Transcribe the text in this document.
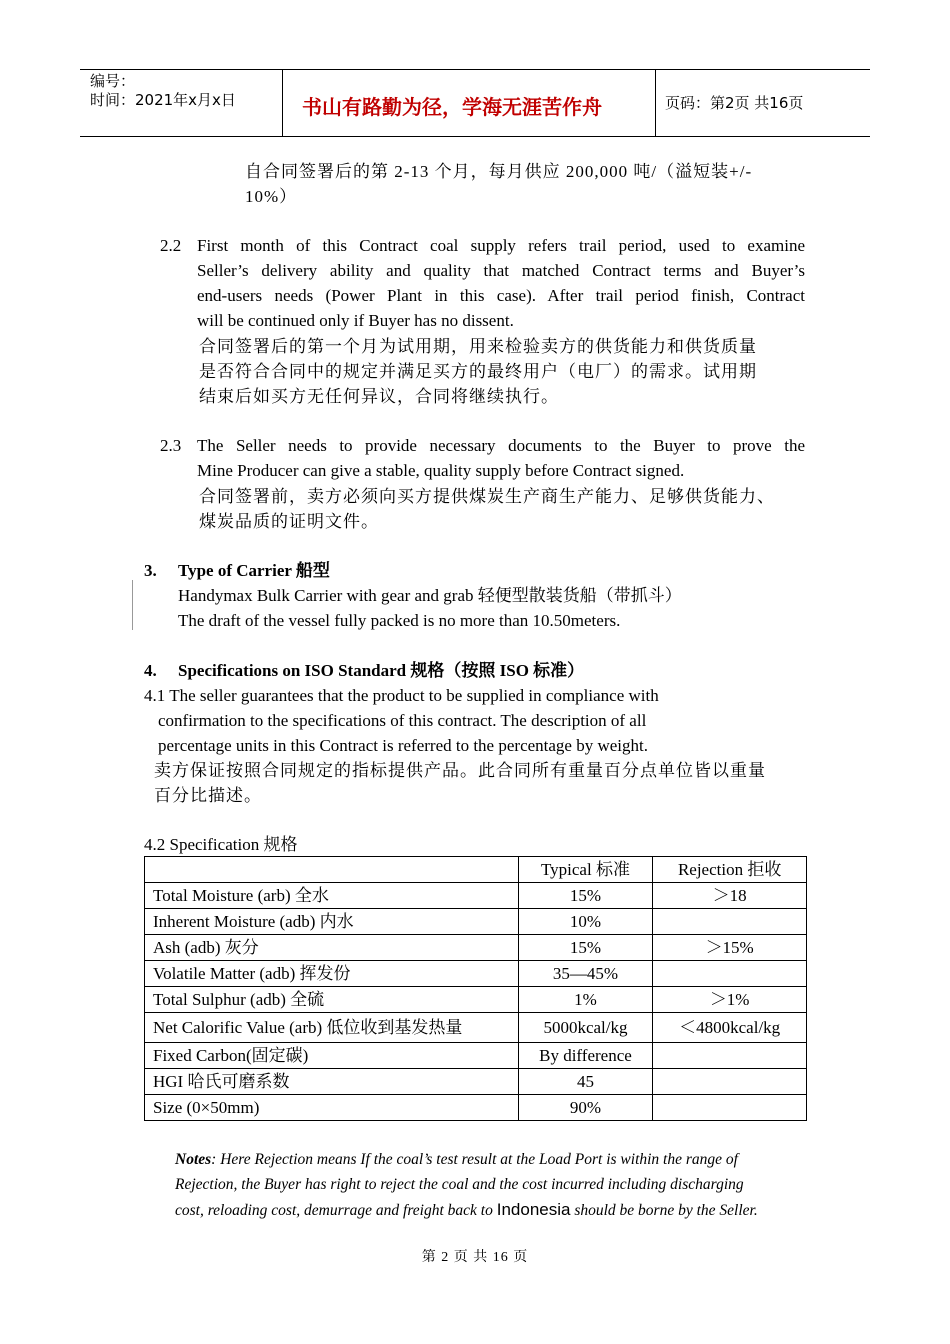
编号：
时间：2021年x月x日	书山有路勤为径，学海无涯苦作舟	页码：第2页 共16页
自合同签署后的第 2-13 个月，每月供应 200,000 吨/（溢短装+/-
10%）
2.2 First month of this Contract coal supply refers trail period, used to examine
Seller’s delivery ability and quality that matched Contract terms and Buyer’s
end-users needs (Power Plant in this case). After trail period finish, Contract
will be continued only if Buyer has no dissent.
合同签署后的第一个月为试用期，用来检验卖方的供货能力和供货质量
是否符合合同中的规定并满足买方的最终用户（电厂）的需求。试用期
结束后如买方无任何异议，合同将继续执行。
2.3 The Seller needs to provide necessary documents to the Buyer to prove the
Mine Producer can give a stable, quality supply before Contract signed.
合同签署前，卖方必须向买方提供煤炭生产商生产能力、足够供货能力、
煤炭品质的证明文件。
3. Type of Carrier 船型
Handymax Bulk Carrier with gear and grab 轻便型散装货船（带抓斗）
The draft of the vessel fully packed is no more than 10.50meters.
4. Specifications on ISO Standard 规格（按照 ISO 标准）
4.1 The seller guarantees that the product to be supplied in compliance with
confirmation to the specifications of this contract. The description of all
percentage units in this Contract is referred to the percentage by weight.
卖方保证按照合同规定的指标提供产品。此合同所有重量百分点单位皆以重量
百分比描述。
4.2 Specification 规格
	Typical 标准	Rejection 拒收
Total Moisture (arb) 全水	15%	＞18
Inherent Moisture (adb) 内水	10%	
Ash (adb) 灰分	15%	＞15%
Volatile Matter (adb) 挥发份	35—45%	
Total Sulphur (adb) 全硫	1%	＞1%
Net Calorific Value (arb) 低位收到基发热量	5000kcal/kg	＜4800kcal/kg
Fixed Carbon(固定碳)	By difference	
HGI 哈氏可磨系数	45	
Size (0×50mm)	90%	
Notes: Here Rejection means If the coal’s test result at the Load Port is within the range of
Rejection, the Buyer has right to reject the coal and the cost incurred including discharging
cost, reloading cost, demurrage and freight back to Indonesia should be borne by the Seller.
第 2 页 共 16 页
